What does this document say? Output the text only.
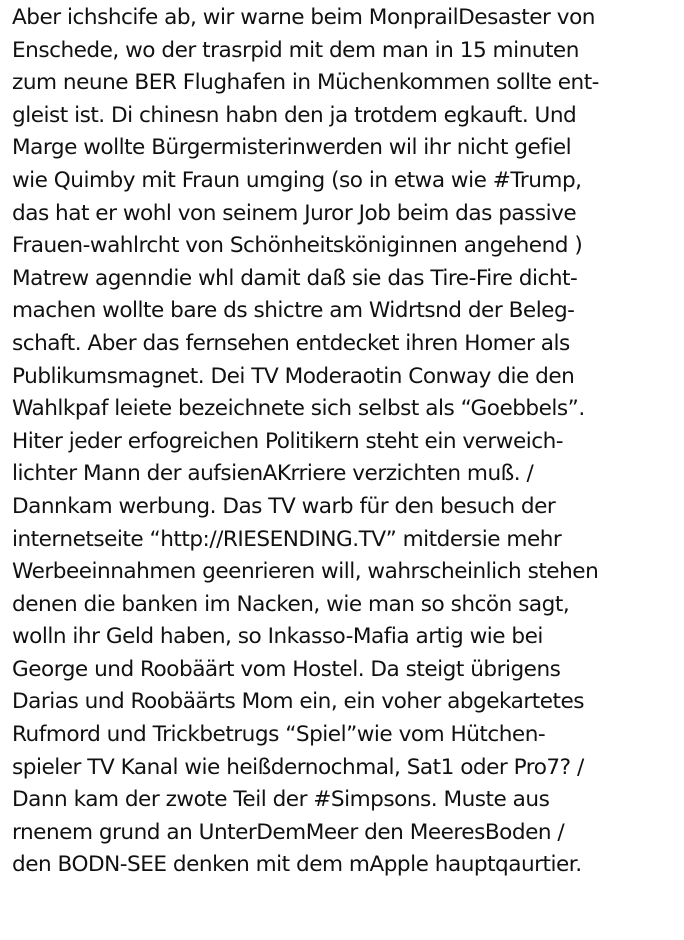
Aber ichshcife ab, wir warne beim MonprailDesaster von
Enschede, wo der trasrpid mit dem man in 15 minuten
zum neune BER Flughafen in Müchenkommen sollte ent-
gleist ist. Di chinesn habn den ja trotdem egkauft. Und
Marge wollte Bürgermisterinwerden wil ihr nicht gefiel
wie Quimby mit Fraun umging (so in etwa wie #Trump,
das hat er wohl von seinem Juror Job beim das passive
Frauen-wahlrcht von Schönheitsköniginnen angehend )
Matrew agenndie whl damit daß sie das Tire-Fire dicht-
machen wollte bare ds shictre am Widrtsnd der Beleg-
schaft. Aber das fernsehen entdecket ihren Homer als
Publikumsmagnet. Dei TV Moderaotin Conway die den
Wahlkpaf leiete bezeichnete sich selbst als “Goebbels”.
Hiter jeder erfogreichen Politikern steht ein verweich-
lichter Mann der aufsienAKrriere verzichten muß. /
Dannkam werbung. Das TV warb für den besuch der
internetseite “http://RIESENDING.TV” mitdersie mehr
Werbeeinnahmen geenrieren will, wahrscheinlich stehen
denen die banken im Nacken, wie man so shcön sagt,
wolln ihr Geld haben, so Inkasso-Mafia artig wie bei
George und Roobäärt vom Hostel. Da steigt übrigens
Darias und Roobäärts Mom ein, ein voher abgekartetes
Rufmord und Trickbetrugs “Spiel”wie vom Hütchen-
spieler TV Kanal wie heißdernochmal, Sat1 oder Pro7? /
Dann kam der zwote Teil der #Simpsons. Muste aus
rnenem grund an UnterDemMeer den MeeresBoden /
den BODN-SEE denken mit dem mApple hauptqaurtier.
